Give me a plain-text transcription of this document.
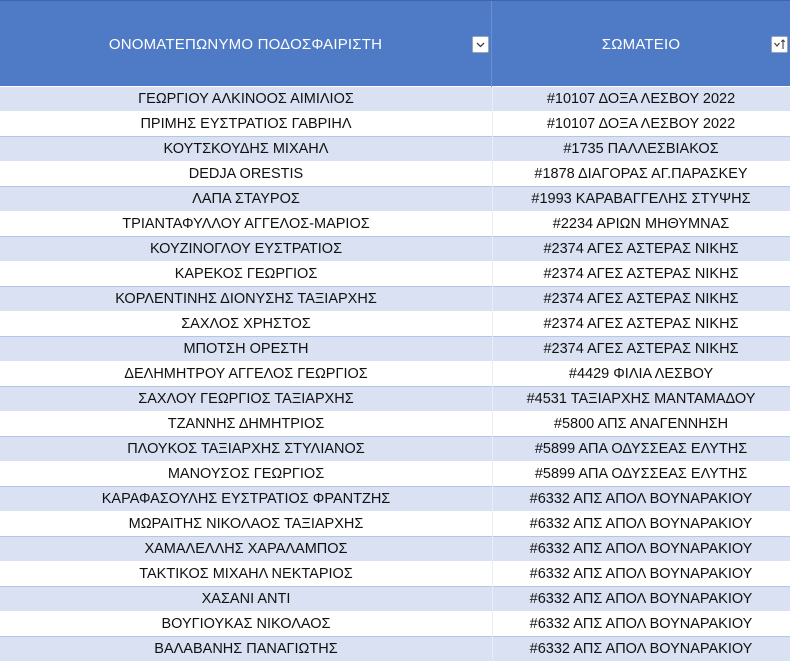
ΟΝΟΜΑΤΕΠΩΝΥΜΟ ΠΟΔΟΣΦΑΙΡΙΣΤΗ	ΣΩΜΑΤΕΙΟ
ΓΕΩΡΓΙΟΥ ΑΛΚΙΝΟΟΣ ΑΙΜΙΛΙΟΣ	#10107 ΔΟΞΑ ΛΕΣΒΟΥ 2022
ΠΡΙΜΗΣ ΕΥΣΤΡΑΤΙΟΣ ΓΑΒΡΙΗΛ	#10107 ΔΟΞΑ ΛΕΣΒΟΥ 2022
ΚΟΥΤΣΚΟΥΔΗΣ ΜΙΧΑΗΛ	#1735 ΠΑΛΛΕΣΒΙΑΚΟΣ
DEDJA ORESTIS	#1878 ΔΙΑΓΟΡΑΣ ΑΓ.ΠΑΡΑΣΚΕΥ
ΛΑΠΑ ΣΤΑΥΡΟΣ	#1993 ΚΑΡΑΒΑΓΓΕΛΗΣ ΣΤΥΨΗΣ
ΤΡΙΑΝΤΑΦΥΛΛΟΥ ΑΓΓΕΛΟΣ-ΜΑΡΙΟΣ	#2234 ΑΡΙΩΝ ΜΗΘΥΜΝΑΣ
ΚΟΥΖΙΝΟΓΛΟΥ ΕΥΣΤΡΑΤΙΟΣ	#2374 ΑΓΕΣ ΑΣΤΕΡΑΣ ΝΙΚΗΣ
ΚΑΡΕΚΟΣ ΓΕΩΡΓΙΟΣ	#2374 ΑΓΕΣ ΑΣΤΕΡΑΣ ΝΙΚΗΣ
ΚΟΡΛΕΝΤΙΝΗΣ ΔΙΟΝΥΣΗΣ ΤΑΞΙΑΡΧΗΣ	#2374 ΑΓΕΣ ΑΣΤΕΡΑΣ ΝΙΚΗΣ
ΣΑΧΛΟΣ ΧΡΗΣΤΟΣ	#2374 ΑΓΕΣ ΑΣΤΕΡΑΣ ΝΙΚΗΣ
ΜΠΟΤΣΗ ΟΡΕΣΤΗ	#2374 ΑΓΕΣ ΑΣΤΕΡΑΣ ΝΙΚΗΣ
ΔΕΛΗΜΗΤΡΟΥ ΑΓΓΕΛΟΣ ΓΕΩΡΓΙΟΣ	#4429 ΦΙΛΙΑ ΛΕΣΒΟΥ
ΣΑΧΛΟΥ ΓΕΩΡΓΙΟΣ ΤΑΞΙΑΡΧΗΣ	#4531 ΤΑΞΙΑΡΧΗΣ ΜΑΝΤΑΜΑΔΟΥ
ΤΖΑΝΝΗΣ ΔΗΜΗΤΡΙΟΣ	#5800 ΑΠΣ ΑΝΑΓΕΝΝΗΣΗ
ΠΛΟΥΚΟΣ ΤΑΞΙΑΡΧΗΣ ΣΤΥΛΙΑΝΟΣ	#5899 ΑΠΑ ΟΔΥΣΣΕΑΣ ΕΛΥΤΗΣ
ΜΑΝΟΥΣΟΣ ΓΕΩΡΓΙΟΣ	#5899 ΑΠΑ ΟΔΥΣΣΕΑΣ ΕΛΥΤΗΣ
ΚΑΡΑΦΑΣΟΥΛΗΣ ΕΥΣΤΡΑΤΙΟΣ ΦΡΑΝΤΖΗΣ	#6332 ΑΠΣ ΑΠΟΛ ΒΟΥΝΑΡΑΚΙΟΥ
ΜΩΡΑΙΤΗΣ ΝΙΚΟΛΑΟΣ ΤΑΞΙΑΡΧΗΣ	#6332 ΑΠΣ ΑΠΟΛ ΒΟΥΝΑΡΑΚΙΟΥ
ΧΑΜΑΛΕΛΛΗΣ ΧΑΡΑΛΑΜΠΟΣ	#6332 ΑΠΣ ΑΠΟΛ ΒΟΥΝΑΡΑΚΙΟΥ
ΤΑΚΤΙΚΟΣ ΜΙΧΑΗΛ ΝΕΚΤΑΡΙΟΣ	#6332 ΑΠΣ ΑΠΟΛ ΒΟΥΝΑΡΑΚΙΟΥ
ΧΑΣΑΝΙ ΑΝΤΙ	#6332 ΑΠΣ ΑΠΟΛ ΒΟΥΝΑΡΑΚΙΟΥ
ΒΟΥΓΙΟΥΚΑΣ ΝΙΚΟΛΑΟΣ	#6332 ΑΠΣ ΑΠΟΛ ΒΟΥΝΑΡΑΚΙΟΥ
ΒΑΛΑΒΑΝΗΣ ΠΑΝΑΓΙΩΤΗΣ	#6332 ΑΠΣ ΑΠΟΛ ΒΟΥΝΑΡΑΚΙΟΥ
